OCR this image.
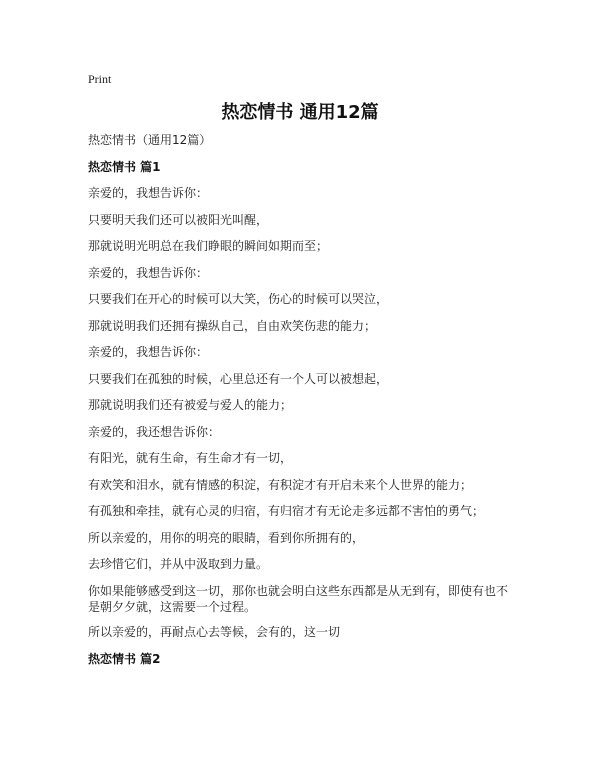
Print
热恋情书 通用12篇

热恋情书（通用12篇）

热恋情书 篇1

亲爱的，我想告诉你：

只要明天我们还可以被阳光叫醒，

那就说明光明总在我们睁眼的瞬间如期而至；

亲爱的，我想告诉你：

只要我们在开心的时候可以大笑，伤心的时候可以哭泣，

那就说明我们还拥有操纵自己，自由欢笑伤悲的能力；

亲爱的，我想告诉你：

只要我们在孤独的时候，心里总还有一个人可以被想起，

那就说明我们还有被爱与爱人的能力；

亲爱的，我还想告诉你：

有阳光，就有生命，有生命才有一切，

有欢笑和泪水，就有情感的积淀，有积淀才有开启未来个人世界的能力；

有孤独和牵挂，就有心灵的归宿，有归宿才有无论走多远都不害怕的勇气；

所以亲爱的，用你的明亮的眼睛，看到你所拥有的，

去珍惜它们，并从中汲取到力量。

你如果能够感受到这一切，那你也就会明白这些东西都是从无到有，即使有也不是朝夕夕就，这需要一个过程。

所以亲爱的，再耐点心去等候，会有的，这一切

热恋情书 篇2
